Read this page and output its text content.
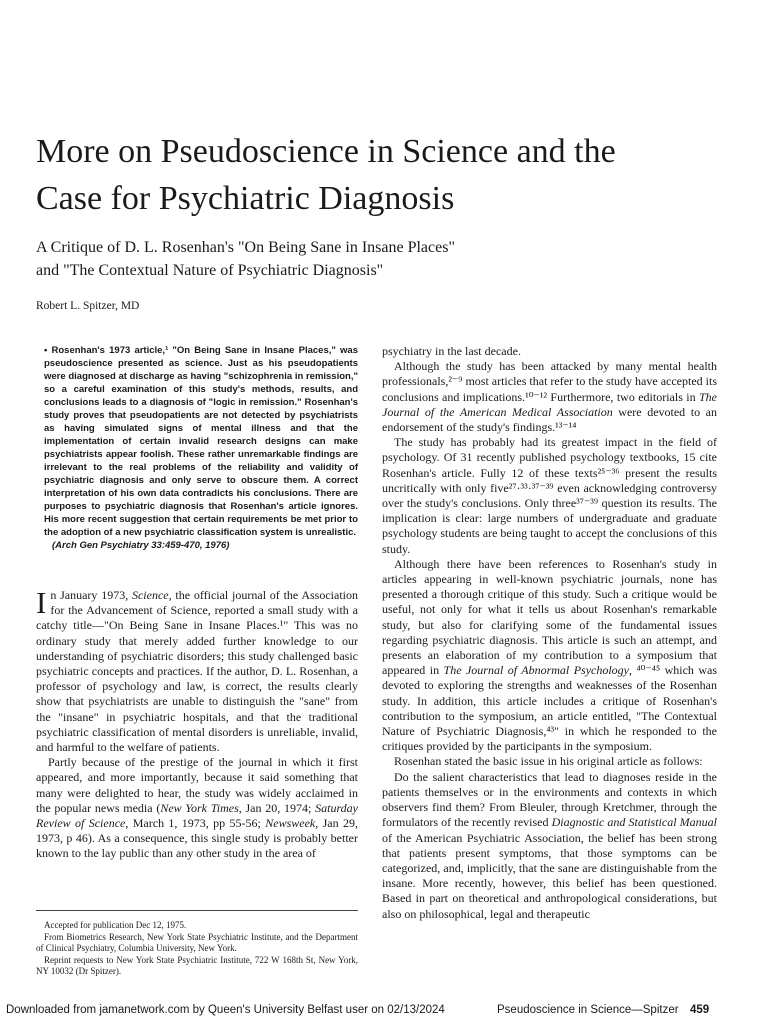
More on Pseudoscience in Science and the
Case for Psychiatric Diagnosis
A Critique of D. L. Rosenhan's "On Being Sane in Insane Places"
and "The Contextual Nature of Psychiatric Diagnosis"

Robert L. Spitzer, MD

• Rosenhan's 1973 article,¹ "On Being Sane in Insane Places," was pseudoscience presented as science. Just as his pseudopatients were diagnosed at discharge as having "schizophrenia in remission," so a careful examination of this study's methods, results, and conclusions leads to a diagnosis of "logic in remission." Rosenhan's study proves that pseudopatients are not detected by psychiatrists as having simulated signs of mental illness and that the implementation of certain invalid research designs can make psychiatrists appear foolish. These rather unremarkable findings are irrelevant to the real problems of the reliability and validity of psychiatric diagnosis and only serve to obscure them. A correct interpretation of his own data contradicts his conclusions. There are purposes to psychiatric diagnosis that Rosenhan's article ignores. His more recent suggestion that certain requirements be met prior to the adoption of a new psychiatric classification system is unrealistic.

(Arch Gen Psychiatry 33:459-470, 1976)

In January 1973, Science, the official journal of the Association for the Advancement of Science, reported a small study with a catchy title—"On Being Sane in Insane Places.¹" This was no ordinary study that merely added further knowledge to our understanding of psychiatric disorders; this study challenged basic psychiatric concepts and practices. If the author, D. L. Rosenhan, a professor of psychology and law, is correct, the results clearly show that psychiatrists are unable to distinguish the "sane" from the "insane" in psychiatric hospitals, and that the traditional psychiatric classification of mental disorders is unreliable, invalid, and harmful to the welfare of patients.

Partly because of the prestige of the journal in which it first appeared, and more importantly, because it said something that many were delighted to hear, the study was widely acclaimed in the popular news media (New York Times, Jan 20, 1974; Saturday Review of Science, March 1, 1973, pp 55-56; Newsweek, Jan 29, 1973, p 46). As a consequence, this single study is probably better known to the lay public than any other study in the area of

Accepted for publication Dec 12, 1975.

From Biometrics Research, New York State Psychiatric Institute, and the Department of Clinical Psychiatry, Columbia University, New York.

Reprint requests to New York State Psychiatric Institute, 722 W 168th St, New York, NY 10032 (Dr Spitzer).

psychiatry in the last decade.

Although the study has been attacked by many mental health professionals,²⁻⁹ most articles that refer to the study have accepted its conclusions and implications.¹⁰⁻¹² Furthermore, two editorials in The Journal of the American Medical Association were devoted to an endorsement of the study's findings.¹³⁻¹⁴

The study has probably had its greatest impact in the field of psychology. Of 31 recently published psychology textbooks, 15 cite Rosenhan's article. Fully 12 of these texts²⁵⁻³⁶ present the results uncritically with only five²⁷·³³·³⁷⁻³⁹ even acknowledging controversy over the study's conclusions. Only three³⁷⁻³⁹ question its results. The implication is clear: large numbers of undergraduate and graduate psychology students are being taught to accept the conclusions of this study.

Although there have been references to Rosenhan's study in articles appearing in well-known psychiatric journals, none has presented a thorough critique of this study. Such a critique would be useful, not only for what it tells us about Rosenhan's remarkable study, but also for clarifying some of the fundamental issues regarding psychiatric diagnosis. This article is such an attempt, and presents an elaboration of my contribution to a symposium that appeared in The Journal of Abnormal Psychology, ⁴⁰⁻⁴⁵ which was devoted to exploring the strengths and weaknesses of the Rosenhan study. In addition, this article includes a critique of Rosenhan's contribution to the symposium, an article entitled, "The Contextual Nature of Psychiatric Diagnosis,⁴³" in which he responded to the critiques provided by the participants in the symposium.

Rosenhan stated the basic issue in his original article as follows:

Do the salient characteristics that lead to diagnoses reside in the patients themselves or in the environments and contexts in which observers find them? From Bleuler, through Kretchmer, through the formulators of the recently revised Diagnostic and Statistical Manual of the American Psychiatric Association, the belief has been strong that patients present symptoms, that those symptoms can be categorized, and, implicitly, that the sane are distinguishable from the insane. More recently, however, this belief has been questioned. Based in part on theoretical and anthropological considerations, but also on philosophical, legal and therapeutic

Downloaded from jamanetwork.com by Queen's University Belfast user on 02/13/2024	Pseudoscience in Science—Spitzer 459
